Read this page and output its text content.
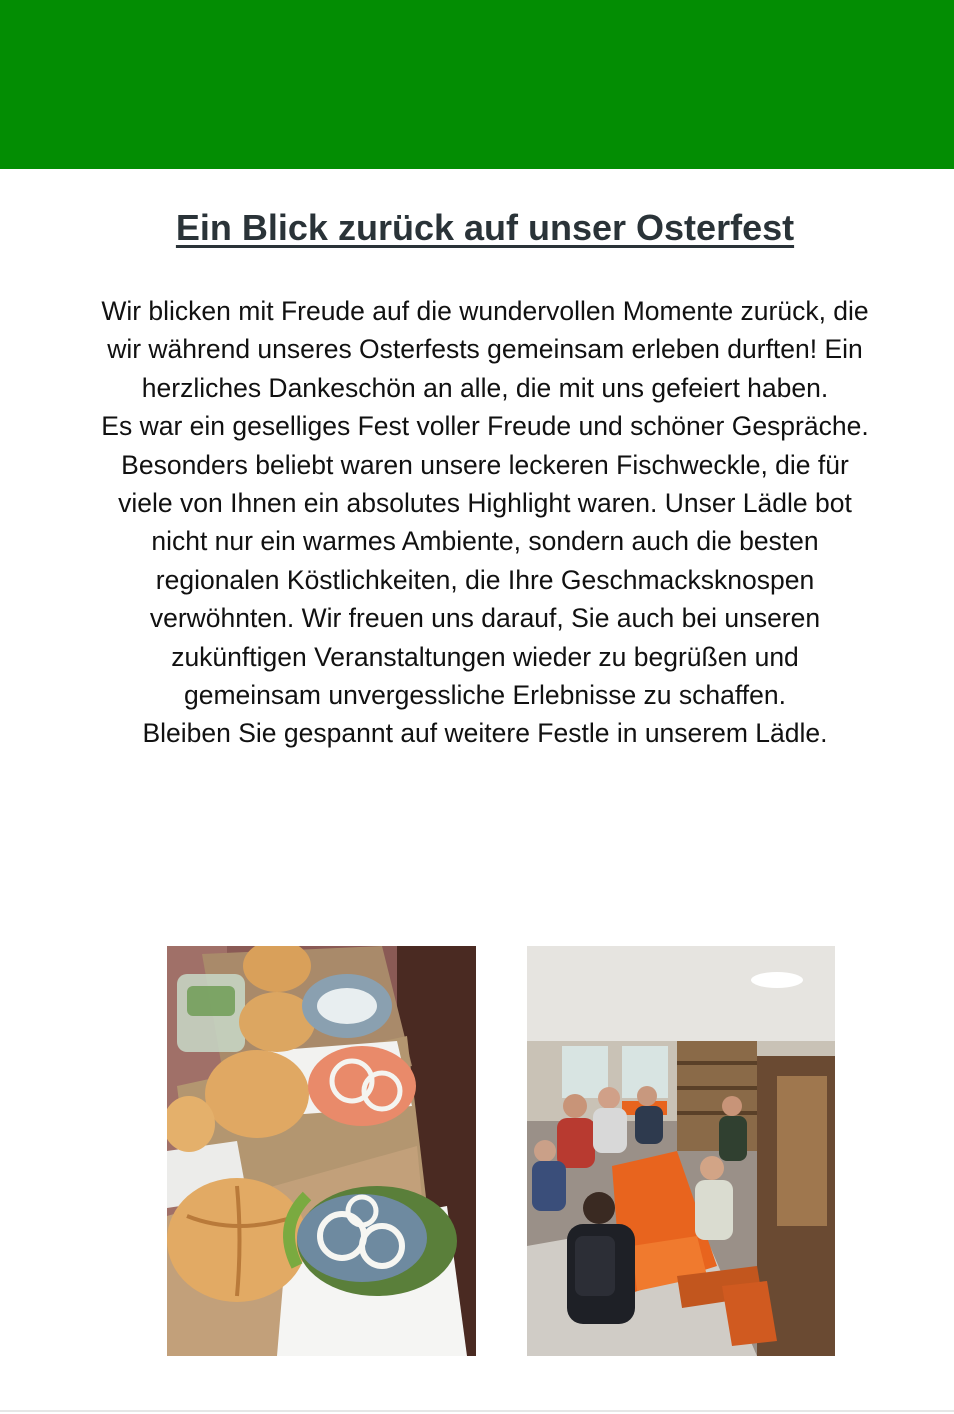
Ein Blick zurück auf unser Osterfest

Wir blicken mit Freude auf die wundervollen Momente zurück, die wir während unseres Osterfests gemeinsam erleben durften! Ein herzliches Dankeschön an alle, die mit uns gefeiert haben.

Es war ein geselliges Fest voller Freude und schöner Gespräche. Besonders beliebt waren unsere leckeren Fischweckle, die für viele von Ihnen ein absolutes Highlight waren. Unser Lädle bot nicht nur ein warmes Ambiente, sondern auch die besten regionalen Köstlichkeiten, die Ihre Geschmacksknospen verwöhnten. Wir freuen uns darauf, Sie auch bei unseren zukünftigen Veranstaltungen wieder zu begrüßen und gemeinsam unvergessliche Erlebnisse zu schaffen.

Bleiben Sie gespannt auf weitere Festle in unserem Lädle.
